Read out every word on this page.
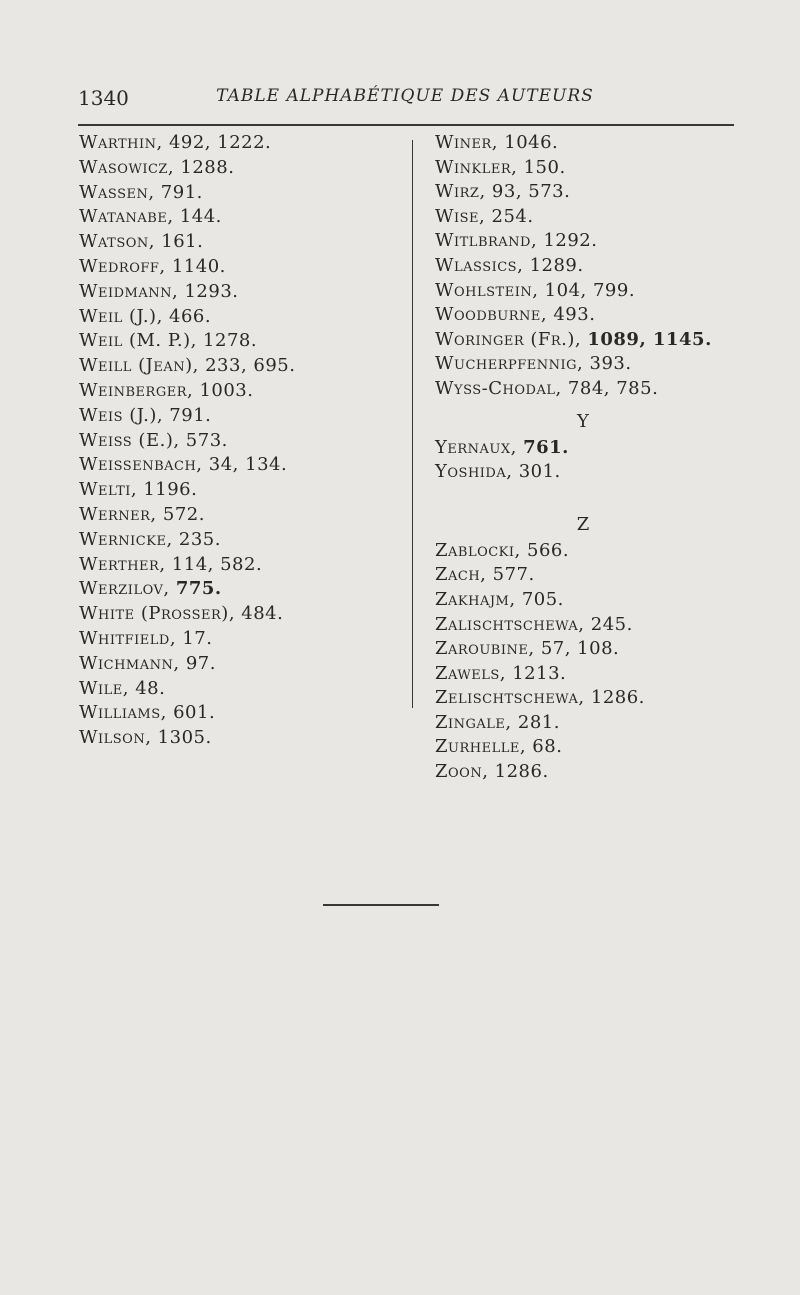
1340	TABLE ALPHABÉTIQUE DES AUTEURS
Warthin, 492, 1222.
Wasowicz, 1288.
Wassen, 791.
Watanabe, 144.
Watson, 161.
Wedroff, 1140.
Weidmann, 1293.
Weil (J.), 466.
Weil (M. P.), 1278.
Weill (Jean), 233, 695.
Weinberger, 1003.
Weis (J.), 791.
Weiss (E.), 573.
Weissenbach, 34, 134.
Welti, 1196.
Werner, 572.
Wernicke, 235.
Werther, 114, 582.
Werzilov, 775.
White (Prosser), 484.
Whitfield, 17.
Wichmann, 97.
Wile, 48.
Williams, 601.
Wilson, 1305.
Winer, 1046.
Winkler, 150.
Wirz, 93, 573.
Wise, 254.
Witlbrand, 1292.
Wlassics, 1289.
Wohlstein, 104, 799.
Woodburne, 493.
Woringer (Fr.), 1089, 1145.
Wucherpfennig, 393.
Wyss-Chodal, 784, 785.
Y
Yernaux, 761.
Yoshida, 301.
Z
Zablocki, 566.
Zach, 577.
Zakhajm, 705.
Zalischtschewa, 245.
Zaroubine, 57, 108.
Zawels, 1213.
Zelischtschewa, 1286.
Zingale, 281.
Zurhelle, 68.
Zoon, 1286.
